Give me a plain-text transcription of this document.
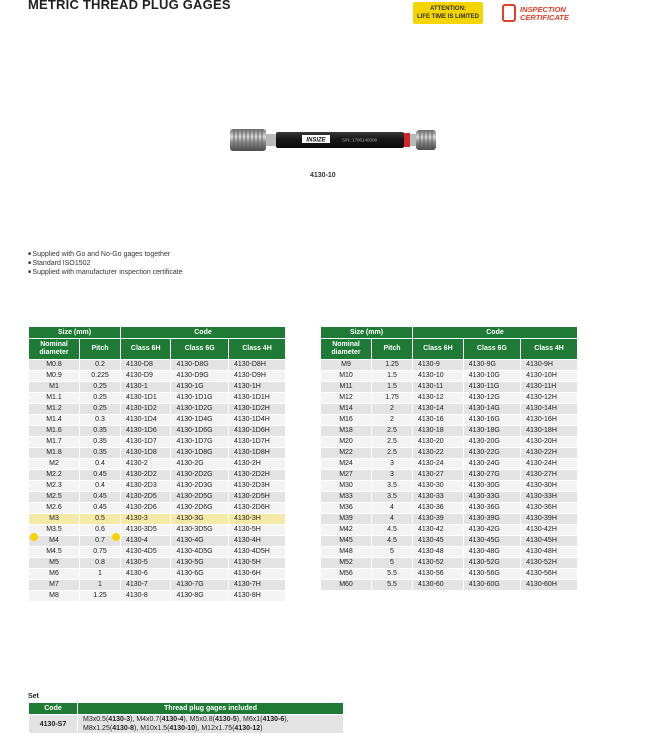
METRIC THREAD PLUG GAGES	ATTENTION:
LIFE TIME IS LIMITED
INSPECTION
CERTIFICATE
INSIZE	S/N: 1706140008
4130-10
■ Supplied with Go and No-Go gages together
■ Standard ISO1502
■ Supplied with manufacturer inspection certificate
Size (mm)		Code		
Nominal diameter	Pitch	Class 6H	Class 6G	Class 4H
M0.8	0.2	4130-D8	4130-D8G	4130-D8H
M0.9	0.225	4130-D9	4130-D9G	4130-D9H
M1	0.25	4130-1	4130-1G	4130-1H
M1.1	0.25	4130-1D1	4130-1D1G	4130-1D1H
M1.2	0.25	4130-1D2	4130-1D2G	4130-1D2H
M1.4	0.3	4130-1D4	4130-1D4G	4130-1D4H
M1.6	0.35	4130-1D6	4130-1D6G	4130-1D6H
M1.7	0.35	4130-1D7	4130-1D7G	4130-1D7H
M1.8	0.35	4130-1D8	4130-1D8G	4130-1D8H
M2	0.4	4130-2	4130-2G	4130-2H
M2.2	0.45	4130-2D2	4130-2D2G	4130-2D2H
M2.3	0.4	4130-2D3	4130-2D3G	4130-2D3H
M2.5	0.45	4130-2D5	4130-2D5G	4130-2D5H
M2.6	0.45	4130-2D6	4130-2D6G	4130-2D6H
M3	0.5	4130-3	4130-3G	4130-3H
M3.5	0.6	4130-3D5	4130-3D5G	4130-5H
M4	0.7	4130-4	4130-4G	4130-4H
M4.5	0.75	4130-4D5	4130-4D5G	4130-4D5H
M5	0.8	4130-5	4130-5G	4130-5H
M6	1	4130-6	4130-6G	4130-6H
M7	1	4130-7	4130-7G	4130-7H
M8	1.25	4130-8	4130-8G	4130-8H
Size (mm)		Code		
Nominal diameter	Pitch	Class 6H	Class 6G	Class 4H
M9	1.25	4130-9	4130-9G	4130-9H
M10	1.5	4130-10	4130-10G	4130-10H
M11	1.5	4130-11	4130-11G	4130-11H
M12	1.75	4130-12	4130-12G	4130-12H
M14	2	4130-14	4130-14G	4130-14H
M16	2	4130-16	4130-16G	4130-16H
M18	2.5	4130-18	4130-18G	4130-18H
M20	2.5	4130-20	4130-20G	4130-20H
M22	2.5	4130-22	4130-22G	4130-22H
M24	3	4130-24	4130-24G	4130-24H
M27	3	4130-27	4130-27G	4130-27H
M30	3.5	4130-30	4130-30G	4130-30H
M33	3.5	4130-33	4130-33G	4130-33H
M36	4	4130-36	4130-36G	4130-36H
M39	4	4130-39	4130-39G	4130-39H
M42	4.5	4130-42	4130-42G	4130-42H
M45	4.5	4130-45	4130-45G	4130-45H
M48	5	4130-48	4130-48G	4130-48H
M52	5	4130-52	4130-52G	4130-52H
M56	5.5	4130-56	4130-56G	4130-56H
M60	5.5	4130-60	4130-60G	4130-60H
Set
Code	Thread plug gages included
4130-S7	M3x0.5(4130-3), M4x0.7(4130-4), M5x0.8(4130-5), M6x1(4130-6),
M8x1.25(4130-8), M10x1.5(4130-10), M12x1.75(4130-12)
